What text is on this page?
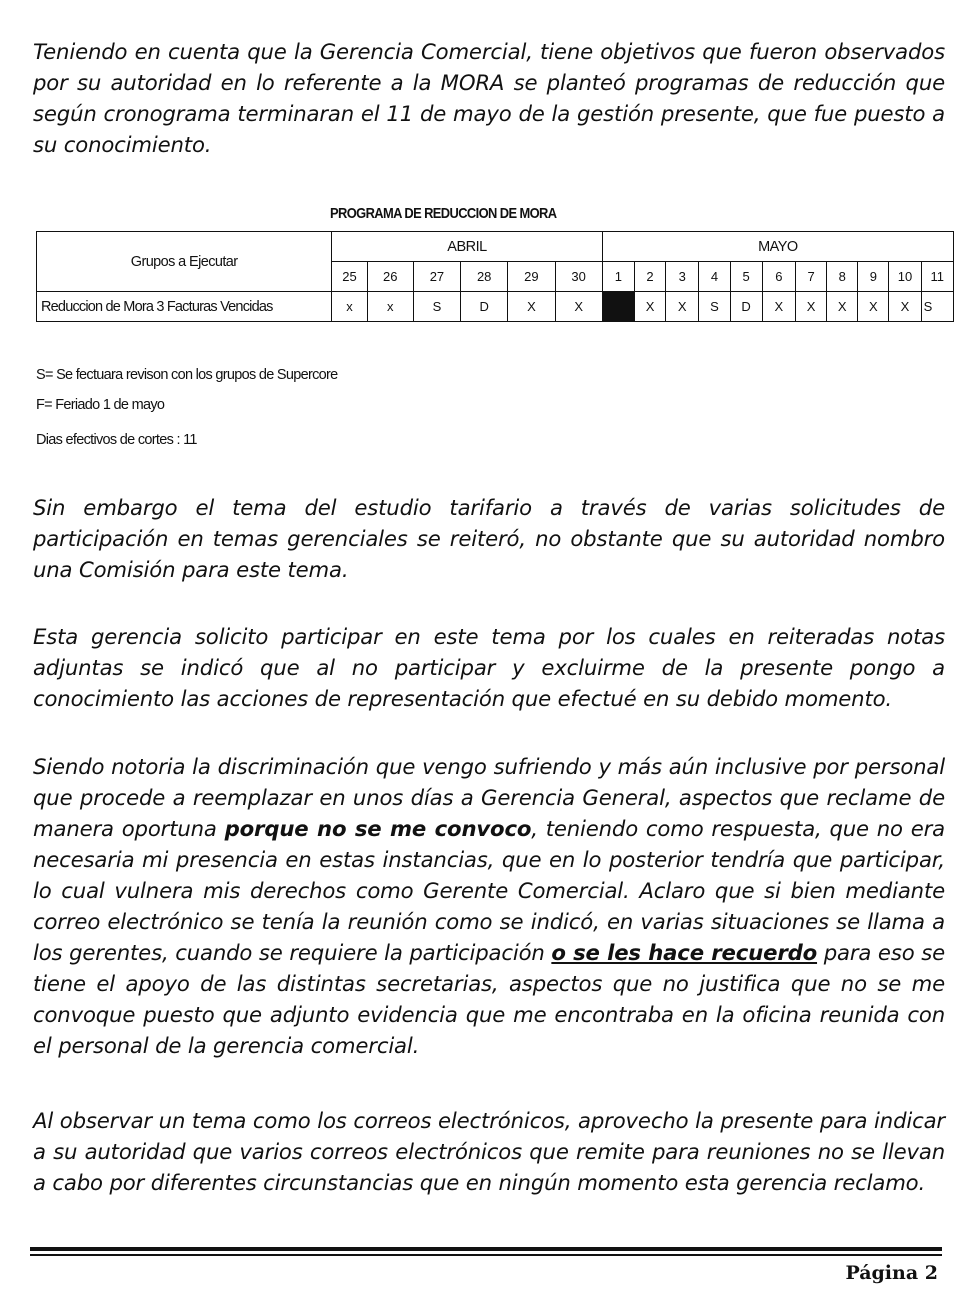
Teniendo en cuenta que la Gerencia Comercial, tiene objetivos que fueron observados por su autoridad en lo referente a la MORA se planteó programas de reducción que según cronograma terminaran el 11 de mayo de la gestión presente, que fue puesto a su conocimiento.

PROGRAMA DE REDUCCION DE MORA
Grupos a Ejecutar	ABRIL						MAYO										
	25	26	27	28	29	30	1	2	3	4	5	6	7	8	9	10	11
Reduccion de Mora 3 Facturas Vencidas	x	x	S	D	X	X		X	X	S	D	X	X	X	X	X	S
S= Se fectuara revison con los grupos de Supercore
F= Feriado 1 de mayo
Dias efectivos de cortes : 11

Sin embargo el tema del estudio tarifario a través de varias solicitudes de participación en temas gerenciales se reiteró, no obstante que su autoridad nombro una Comisión para este tema.

Esta gerencia solicito participar en este tema por los cuales en reiteradas notas adjuntas se indicó que al no participar y excluirme de la presente pongo a conocimiento las acciones de representación que efectué en su debido momento.

Siendo notoria la discriminación que vengo sufriendo y más aún inclusive por personal que procede a reemplazar en unos días a Gerencia General, aspectos que reclame de manera oportuna porque no se me convoco, teniendo como respuesta, que no era necesaria mi presencia en estas instancias, que en lo posterior tendría que participar, lo cual vulnera mis derechos como Gerente Comercial. Aclaro que si bien mediante correo electrónico se tenía la reunión como se indicó, en varias situaciones se llama a los gerentes, cuando se requiere la participación o se les hace recuerdo para eso se tiene el apoyo de las distintas secretarias, aspectos que no justifica que no se me convoque puesto que adjunto evidencia que me encontraba en la oficina reunida con el personal de la gerencia comercial.

Al observar un tema como los correos electrónicos, aprovecho la presente para indicar a su autoridad que varios correos electrónicos que remite para reuniones no se llevan a cabo por diferentes circunstancias que en ningún momento esta gerencia reclamo.

Página 2
